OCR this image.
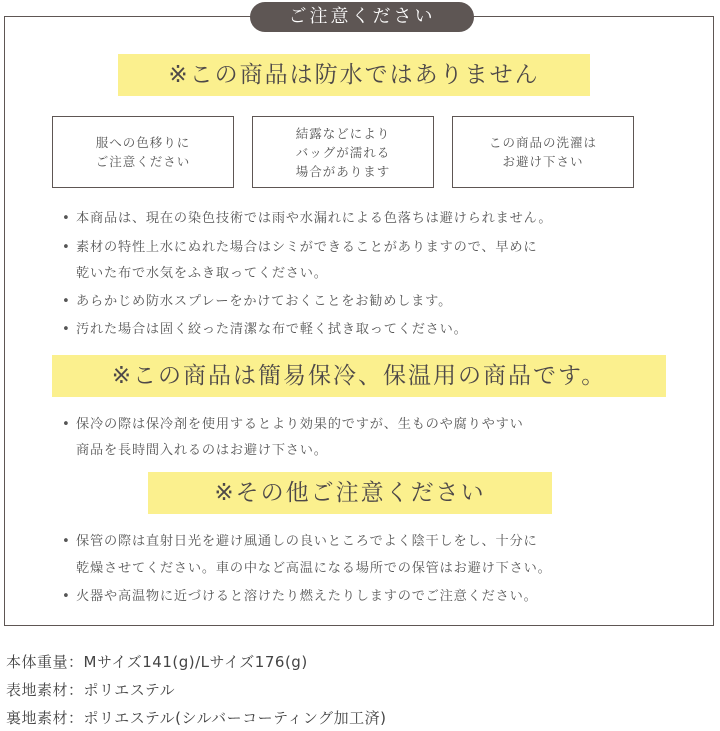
ご注意ください
※この商品は防水ではありません
服への色移りに
ご注意ください
結露などにより
バッグが濡れる
場合があります
この商品の洗濯は
お避け下さい
• 本商品は、現在の染色技術では雨や水漏れによる色落ちは避けられません。
• 素材の特性上水にぬれた場合はシミができることがありますので、早めに
乾いた布で水気をふき取ってください。
• あらかじめ防水スプレーをかけておくことをお勧めします。
• 汚れた場合は固く絞った清潔な布で軽く拭き取ってください。
※この商品は簡易保冷、保温用の商品です。
• 保冷の際は保冷剤を使用するとより効果的ですが、生ものや腐りやすい
商品を長時間入れるのはお避け下さい。
※その他ご注意ください
• 保管の際は直射日光を避け風通しの良いところでよく陰干しをし、十分に
乾燥させてください。車の中など高温になる場所での保管はお避け下さい。
• 火器や高温物に近づけると溶けたり燃えたりしますのでご注意ください。
本体重量：Mサイズ141(g)/Lサイズ176(g)
表地素材：ポリエステル
裏地素材：ポリエステル(シルバーコーティング加工済)
